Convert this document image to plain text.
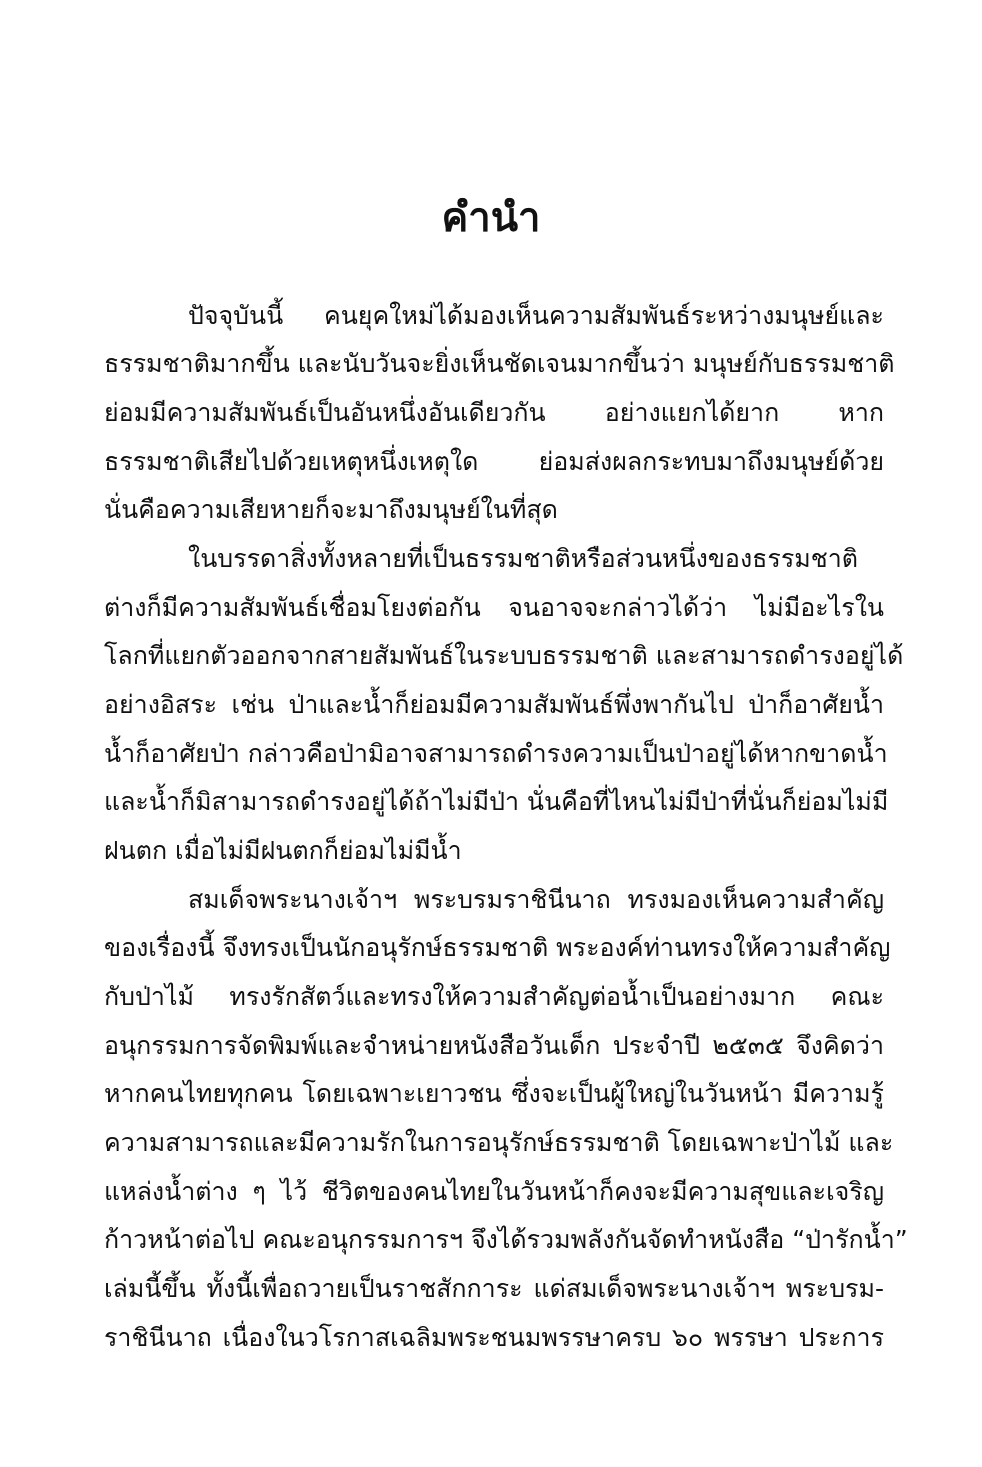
คำนำ
ปัจจุบันนี้ คนยุคใหม่ได้มองเห็นความสัมพันธ์ระหว่างมนุษย์และ
ธรรมชาติมากขึ้น และนับวันจะยิ่งเห็นชัดเจนมากขึ้นว่า มนุษย์กับธรรมชาติ
ย่อมมีความสัมพันธ์เป็นอันหนึ่งอันเดียวกัน อย่างแยกได้ยาก หาก
ธรรมชาติเสียไปด้วยเหตุหนึ่งเหตุใด ย่อมส่งผลกระทบมาถึงมนุษย์ด้วย
นั่นคือความเสียหายก็จะมาถึงมนุษย์ในที่สุด
ในบรรดาสิ่งทั้งหลายที่เป็นธรรมชาติหรือส่วนหนึ่งของธรรมชาติ
ต่างก็มีความสัมพันธ์เชื่อมโยงต่อกัน จนอาจจะกล่าวได้ว่า ไม่มีอะไรใน
โลกที่แยกตัวออกจากสายสัมพันธ์ในระบบธรรมชาติ และสามารถดำรงอยู่ได้
อย่างอิสระ เช่น ป่าและน้ำก็ย่อมมีความสัมพันธ์พึ่งพากันไป ป่าก็อาศัยน้ำ
น้ำก็อาศัยป่า กล่าวคือป่ามิอาจสามารถดำรงความเป็นป่าอยู่ได้หากขาดน้ำ
และน้ำก็มิสามารถดำรงอยู่ได้ถ้าไม่มีป่า นั่นคือที่ไหนไม่มีป่าที่นั่นก็ย่อมไม่มี
ฝนตก เมื่อไม่มีฝนตกก็ย่อมไม่มีน้ำ
สมเด็จพระนางเจ้าฯ พระบรมราชินีนาถ ทรงมองเห็นความสำคัญ
ของเรื่องนี้ จึงทรงเป็นนักอนุรักษ์ธรรมชาติ พระองค์ท่านทรงให้ความสำคัญ
กับป่าไม้ ทรงรักสัตว์และทรงให้ความสำคัญต่อน้ำเป็นอย่างมาก คณะ
อนุกรรมการจัดพิมพ์และจำหน่ายหนังสือวันเด็ก ประจำปี ๒๕๓๕ จึงคิดว่า
หากคนไทยทุกคน โดยเฉพาะเยาวชน ซึ่งจะเป็นผู้ใหญ่ในวันหน้า มีความรู้
ความสามารถและมีความรักในการอนุรักษ์ธรรมชาติ โดยเฉพาะป่าไม้ และ
แหล่งน้ำต่าง ๆ ไว้ ชีวิตของคนไทยในวันหน้าก็คงจะมีความสุขและเจริญ
ก้าวหน้าต่อไป คณะอนุกรรมการฯ จึงได้รวมพลังกันจัดทำหนังสือ “ป่ารักน้ำ”
เล่มนี้ขึ้น ทั้งนี้เพื่อถวายเป็นราชสักการะ แด่สมเด็จพระนางเจ้าฯ พระบรม-
ราชินีนาถ เนื่องในวโรกาสเฉลิมพระชนมพรรษาครบ ๖๐ พรรษา ประการ
